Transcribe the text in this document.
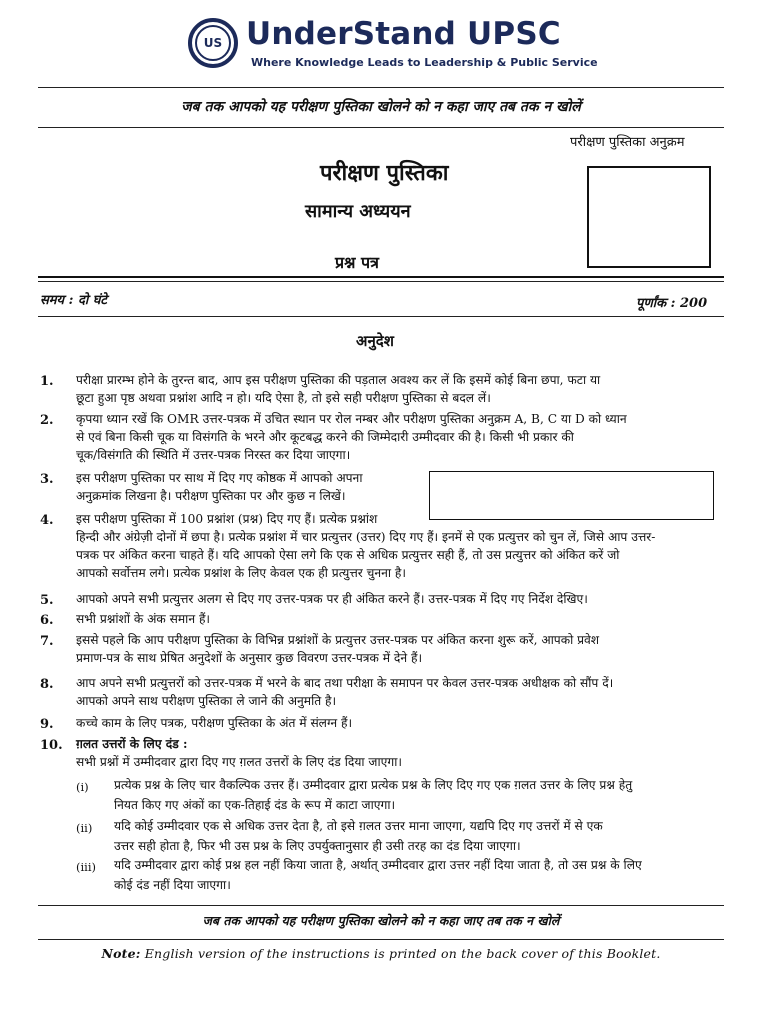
US UnderStand UPSC
Where Knowledge Leads to Leadership & Public Service
जब तक आपको यह परीक्षण पुस्तिका खोलने को न कहा जाए तब तक न खोलें
परीक्षण पुस्तिका अनुक्रम
परीक्षण पुस्तिका
सामान्य अध्ययन
प्रश्न पत्र
समय : दो घंटे	पूर्णांक : 200
अनुदेश
1. परीक्षा प्रारम्भ होने के तुरन्त बाद, आप इस परीक्षण पुस्तिका की पड़ताल अवश्य कर लें कि इसमें कोई बिना छपा, फटा या
छूटा हुआ पृष्ठ अथवा प्रश्नांश आदि न हो। यदि ऐसा है, तो इसे सही परीक्षण पुस्तिका से बदल लें।
2. कृपया ध्यान रखें कि OMR उत्तर-पत्रक में उचित स्थान पर रोल नम्बर और परीक्षण पुस्तिका अनुक्रम A, B, C या D को ध्यान
से एवं बिना किसी चूक या विसंगति के भरने और कूटबद्ध करने की जिम्मेदारी उम्मीदवार की है। किसी भी प्रकार की
चूक/विसंगति की स्थिति में उत्तर-पत्रक निरस्त कर दिया जाएगा।
3. इस परीक्षण पुस्तिका पर साथ में दिए गए कोष्ठक में आपको अपना
अनुक्रमांक लिखना है। परीक्षण पुस्तिका पर और कुछ न लिखें।
4. इस परीक्षण पुस्तिका में 100 प्रश्नांश (प्रश्न) दिए गए हैं। प्रत्येक प्रश्नांश
हिन्दी और अंग्रेज़ी दोनों में छपा है। प्रत्येक प्रश्नांश में चार प्रत्युत्तर (उत्तर) दिए गए हैं। इनमें से एक प्रत्युत्तर को चुन लें, जिसे आप उत्तर-
पत्रक पर अंकित करना चाहते हैं। यदि आपको ऐसा लगे कि एक से अधिक प्रत्युत्तर सही हैं, तो उस प्रत्युत्तर को अंकित करें जो
आपको सर्वोत्तम लगे। प्रत्येक प्रश्नांश के लिए केवल एक ही प्रत्युत्तर चुनना है।
5. आपको अपने सभी प्रत्युत्तर अलग से दिए गए उत्तर-पत्रक पर ही अंकित करने हैं। उत्तर-पत्रक में दिए गए निर्देश देखिए।
6. सभी प्रश्नांशों के अंक समान हैं।
7. इससे पहले कि आप परीक्षण पुस्तिका के विभिन्न प्रश्नांशों के प्रत्युत्तर उत्तर-पत्रक पर अंकित करना शुरू करें, आपको प्रवेश
प्रमाण-पत्र के साथ प्रेषित अनुदेशों के अनुसार कुछ विवरण उत्तर-पत्रक में देने हैं।
8. आप अपने सभी प्रत्युत्तरों को उत्तर-पत्रक में भरने के बाद तथा परीक्षा के समापन पर केवल उत्तर-पत्रक अधीक्षक को सौंप दें।
आपको अपने साथ परीक्षण पुस्तिका ले जाने की अनुमति है।
9. कच्चे काम के लिए पत्रक, परीक्षण पुस्तिका के अंत में संलग्न हैं।
10. ग़लत उत्तरों के लिए दंड :
सभी प्रश्नों में उम्मीदवार द्वारा दिए गए ग़लत उत्तरों के लिए दंड दिया जाएगा।
(i) प्रत्येक प्रश्न के लिए चार वैकल्पिक उत्तर हैं। उम्मीदवार द्वारा प्रत्येक प्रश्न के लिए दिए गए एक ग़लत उत्तर के लिए प्रश्न हेतु
नियत किए गए अंकों का एक-तिहाई दंड के रूप में काटा जाएगा।
(ii) यदि कोई उम्मीदवार एक से अधिक उत्तर देता है, तो इसे ग़लत उत्तर माना जाएगा, यद्यपि दिए गए उत्तरों में से एक
उत्तर सही होता है, फिर भी उस प्रश्न के लिए उपर्युक्तानुसार ही उसी तरह का दंड दिया जाएगा।
(iii) यदि उम्मीदवार द्वारा कोई प्रश्न हल नहीं किया जाता है, अर्थात् उम्मीदवार द्वारा उत्तर नहीं दिया जाता है, तो उस प्रश्न के लिए
कोई दंड नहीं दिया जाएगा।
जब तक आपको यह परीक्षण पुस्तिका खोलने को न कहा जाए तब तक न खोलें
Note: English version of the instructions is printed on the back cover of this Booklet.
